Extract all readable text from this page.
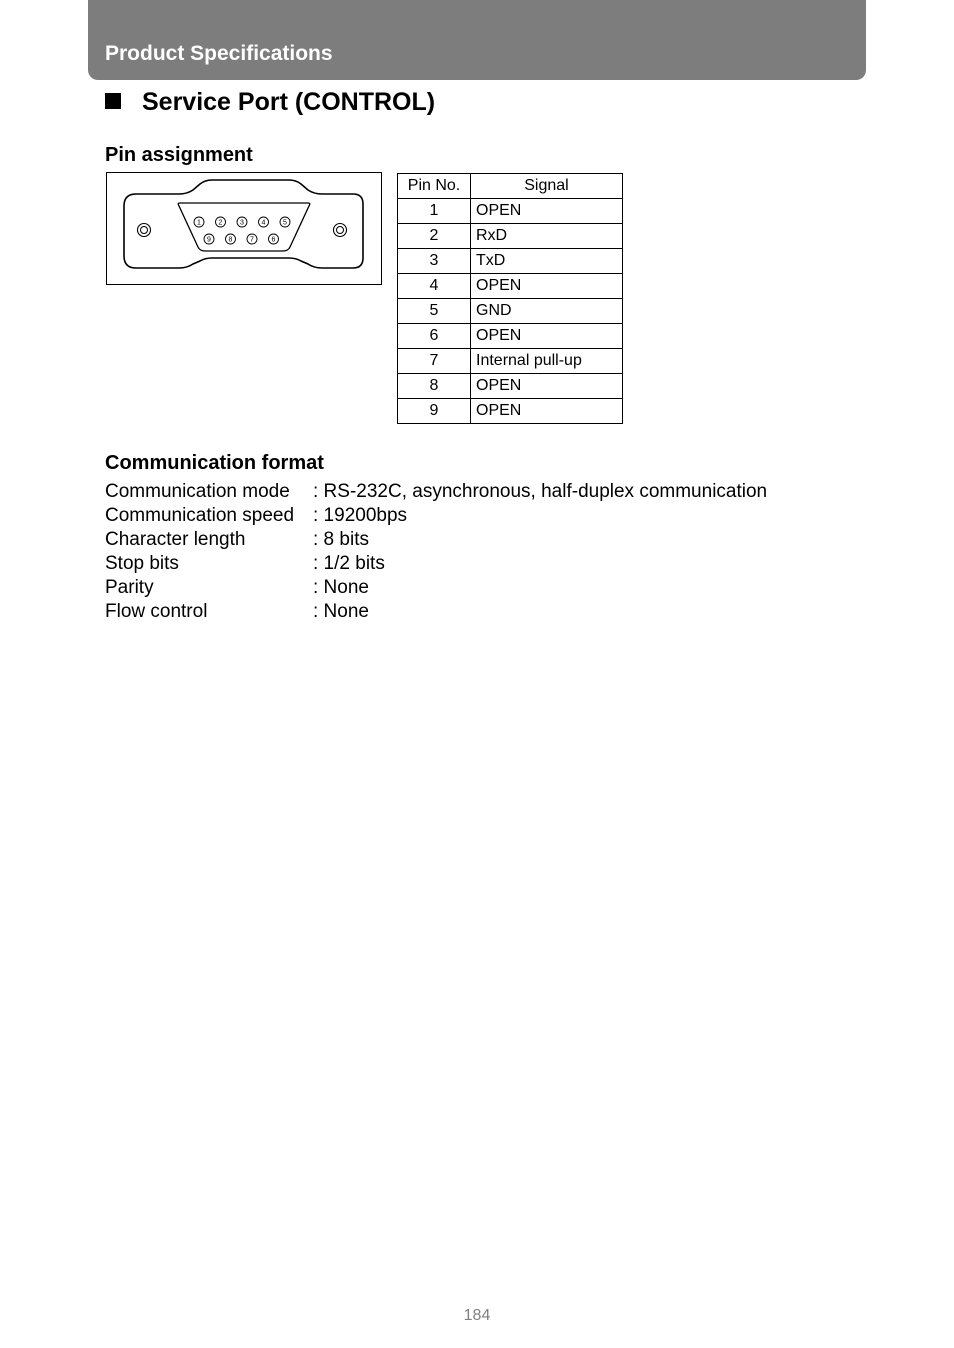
Product Specifications
Service Port (CONTROL)
Pin assignment
1	2	3	4	5
9	8	7	6
Pin No.	Signal
1	OPEN
2	RxD
3	TxD
4	OPEN
5	GND
6	OPEN
7	Internal pull-up
8	OPEN
9	OPEN
Communication format
Communication mode : RS-232C, asynchronous, half-duplex communication
Communication speed : 19200bps
Character length	: 8 bits
Stop bits	: 1/2 bits
Parity	: None
Flow control	: None
184
